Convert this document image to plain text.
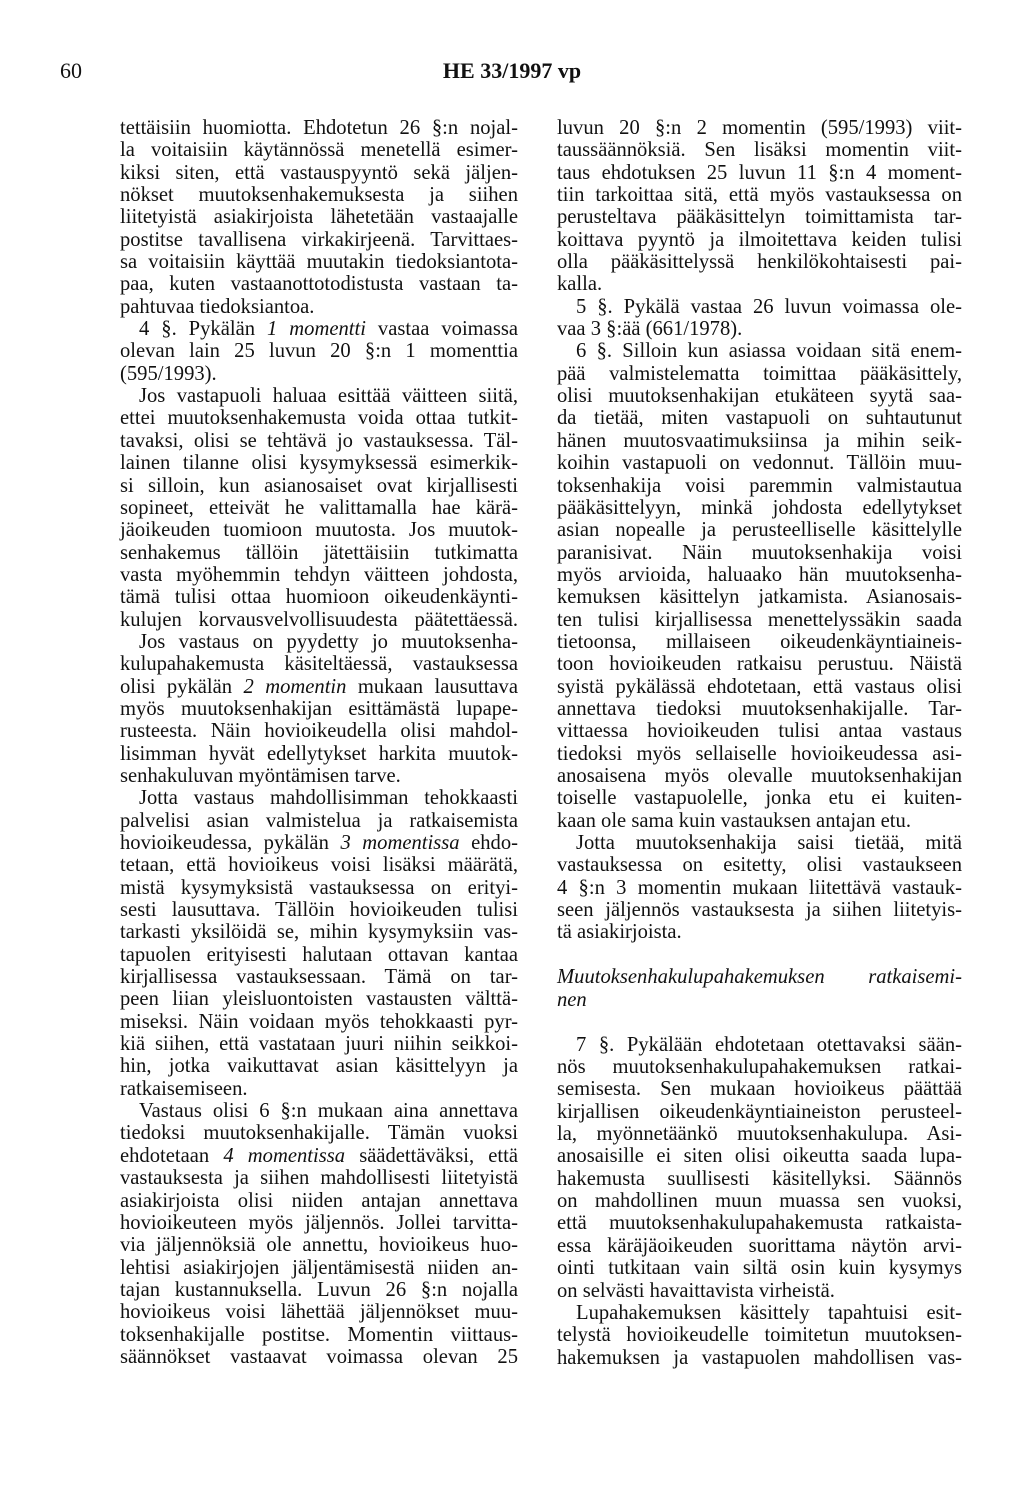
60	HE 33/1997 vp
tettäisiin huomiotta. Ehdotetun 26 §:n nojal-
la voitaisiin käytännössä menetellä esimer-
kiksi siten, että vastauspyyntö sekä jäljen-
nökset muutoksenhakemuksesta ja siihen
liitetyistä asiakirjoista lähetetään vastaajalle
postitse tavallisena virkakirjeenä. Tarvittaes-
sa voitaisiin käyttää muutakin tiedoksiantota-
paa, kuten vastaanottotodistusta vastaan ta-
pahtuvaa tiedoksiantoa.
4 §. Pykälän 1 momentti vastaa voimassa
olevan lain 25 luvun 20 §:n 1 momenttia
(595/1993).
Jos vastapuoli haluaa esittää väitteen siitä,
ettei muutoksenhakemusta voida ottaa tutkit-
tavaksi, olisi se tehtävä jo vastauksessa. Täl-
lainen tilanne olisi kysymyksessä esimerkik-
si silloin, kun asianosaiset ovat kirjallisesti
sopineet, etteivät he valittamalla hae kärä-
jäoikeuden tuomioon muutosta. Jos muutok-
senhakemus tällöin jätettäisiin tutkimatta
vasta myöhemmin tehdyn väitteen johdosta,
tämä tulisi ottaa huomioon oikeudenkäynti-
kulujen korvausvelvollisuudesta päätettäessä.
Jos vastaus on pyydetty jo muutoksenha-
kulupahakemusta käsiteltäessä, vastauksessa
olisi pykälän 2 momentin mukaan lausuttava
myös muutoksenhakijan esittämästä lupape-
rusteesta. Näin hovioikeudella olisi mahdol-
lisimman hyvät edellytykset harkita muutok-
senhakuluvan myöntämisen tarve.
Jotta vastaus mahdollisimman tehokkaasti
palvelisi asian valmistelua ja ratkaisemista
hovioikeudessa, pykälän 3 momentissa ehdo-
tetaan, että hovioikeus voisi lisäksi määrätä,
mistä kysymyksistä vastauksessa on erityi-
sesti lausuttava. Tällöin hovioikeuden tulisi
tarkasti yksilöidä se, mihin kysymyksiin vas-
tapuolen erityisesti halutaan ottavan kantaa
kirjallisessa vastauksessaan. Tämä on tar-
peen liian yleisluontoisten vastausten välttä-
miseksi. Näin voidaan myös tehokkaasti pyr-
kiä siihen, että vastataan juuri niihin seikkoi-
hin, jotka vaikuttavat asian käsittelyyn ja
ratkaisemiseen.
Vastaus olisi 6 §:n mukaan aina annettava
tiedoksi muutoksenhakijalle. Tämän vuoksi
ehdotetaan 4 momentissa säädettäväksi, että
vastauksesta ja siihen mahdollisesti liitetyistä
asiakirjoista olisi niiden antajan annettava
hovioikeuteen myös jäljennös. Jollei tarvitta-
via jäljennöksiä ole annettu, hovioikeus huo-
lehtisi asiakirjojen jäljentämisestä niiden an-
tajan kustannuksella. Luvun 26 §:n nojalla
hovioikeus voisi lähettää jäljennökset muu-
toksenhakijalle postitse. Momentin viittaus-
säännökset vastaavat voimassa olevan 25
luvun 20 §:n 2 momentin (595/1993) viit-
taussäännöksiä. Sen lisäksi momentin viit-
taus ehdotuksen 25 luvun 11 §:n 4 moment-
tiin tarkoittaa sitä, että myös vastauksessa on
perusteltava pääkäsittelyn toimittamista tar-
koittava pyyntö ja ilmoitettava keiden tulisi
olla pääkäsittelyssä henkilökohtaisesti pai-
kalla.
5 §. Pykälä vastaa 26 luvun voimassa ole-
vaa 3 §:ää (661/1978).
6 §. Silloin kun asiassa voidaan sitä enem-
pää valmistelematta toimittaa pääkäsittely,
olisi muutoksenhakijan etukäteen syytä saa-
da tietää, miten vastapuoli on suhtautunut
hänen muutosvaatimuksiinsa ja mihin seik-
koihin vastapuoli on vedonnut. Tällöin muu-
toksenhakija voisi paremmin valmistautua
pääkäsittelyyn, minkä johdosta edellytykset
asian nopealle ja perusteelliselle käsittelylle
paranisivat. Näin muutoksenhakija voisi
myös arvioida, haluaako hän muutoksenha-
kemuksen käsittelyn jatkamista. Asianosais-
ten tulisi kirjallisessa menettelyssäkin saada
tietoonsa, millaiseen oikeudenkäyntiaineis-
toon hovioikeuden ratkaisu perustuu. Näistä
syistä pykälässä ehdotetaan, että vastaus olisi
annettava tiedoksi muutoksenhakijalle. Tar-
vittaessa hovioikeuden tulisi antaa vastaus
tiedoksi myös sellaiselle hovioikeudessa asi-
anosaisena myös olevalle muutoksenhakijan
toiselle vastapuolelle, jonka etu ei kuiten-
kaan ole sama kuin vastauksen antajan etu.
Jotta muutoksenhakija saisi tietää, mitä
vastauksessa on esitetty, olisi vastaukseen
4 §:n 3 momentin mukaan liitettävä vastauk-
seen jäljennös vastauksesta ja siihen liitetyis-
tä asiakirjoista.
Muutoksenhakulupahakemuksen ratkaisemi-
nen
7 §. Pykälään ehdotetaan otettavaksi sään-
nös muutoksenhakulupahakemuksen ratkai-
semisesta. Sen mukaan hovioikeus päättää
kirjallisen oikeudenkäyntiaineiston perusteel-
la, myönnetäänkö muutoksenhakulupa. Asi-
anosaisille ei siten olisi oikeutta saada lupa-
hakemusta suullisesti käsitellyksi. Säännös
on mahdollinen muun muassa sen vuoksi,
että muutoksenhakulupahakemusta ratkaista-
essa käräjäoikeuden suorittama näytön arvi-
ointi tutkitaan vain siltä osin kuin kysymys
on selvästi havaittavista virheistä.
Lupahakemuksen käsittely tapahtuisi esit-
telystä hovioikeudelle toimitetun muutoksen-
hakemuksen ja vastapuolen mahdollisen vas-
